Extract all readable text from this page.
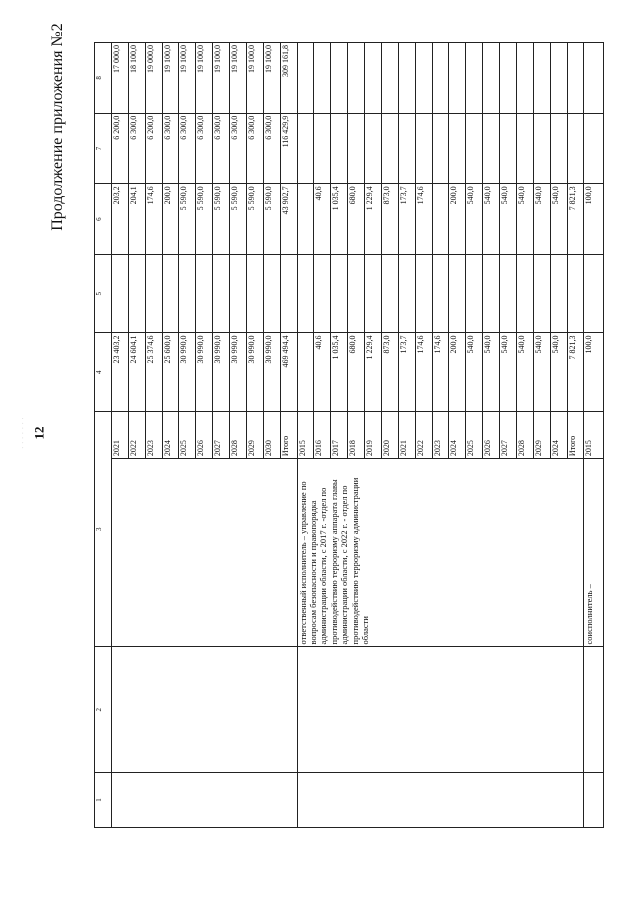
12
Продолжение приложения №2
· · · · · · ·
1	2	3		4	5	6	7	8
			2021	23 403,2		203,2	6 200,0	17 000,0
			2022	24 604,1		204,1	6 300,0	18 100,0
			2023	25 374,6		174,6	6 200,0	19 000,0
			2024	25 600,0		200,0	6 300,0	19 100,0
			2025	30 990,0		5 590,0	6 300,0	19 100,0
			2026	30 990,0		5 590,0	6 300,0	19 100,0
			2027	30 990,0		5 590,0	6 300,0	19 100,0
			2028	30 990,0		5 590,0	6 300,0	19 100,0
			2029	30 990,0		5 590,0	6 300,0	19 100,0
			2030	30 990,0		5 590,0	6 300,0	19 100,0
			Итого	469 494,4		43 902,7	116 429,9	309 161,8
		ответственный исполнитель – управление по вопросам безопасности и правопорядка администрации области, с 2017 г. -отдел по противодействию терроризму аппарата главы администрации области, с 2022 г. - отдел по противодействию терроризму администрации области	2015					
			2016	40,6		40,6		
			2017	1 035,4		1 035,4		
			2018	680,0		680,0		
			2019	1 229,4		1 229,4		
			2020	873,0		873,0		
			2021	173,7		173,7		
			2022	174,6		174,6		
			2023	174,6				
			2024	200,0		200,0		
			2025	540,0		540,0		
			2026	540,0		540,0		
			2027	540,0		540,0		
			2028	540,0		540,0		
			2029	540,0		540,0		
			2024	540,0		540,0		
			Итого	7 821,3		7 821,3		
		соисполнитель –	2015	100,0		100,0		
